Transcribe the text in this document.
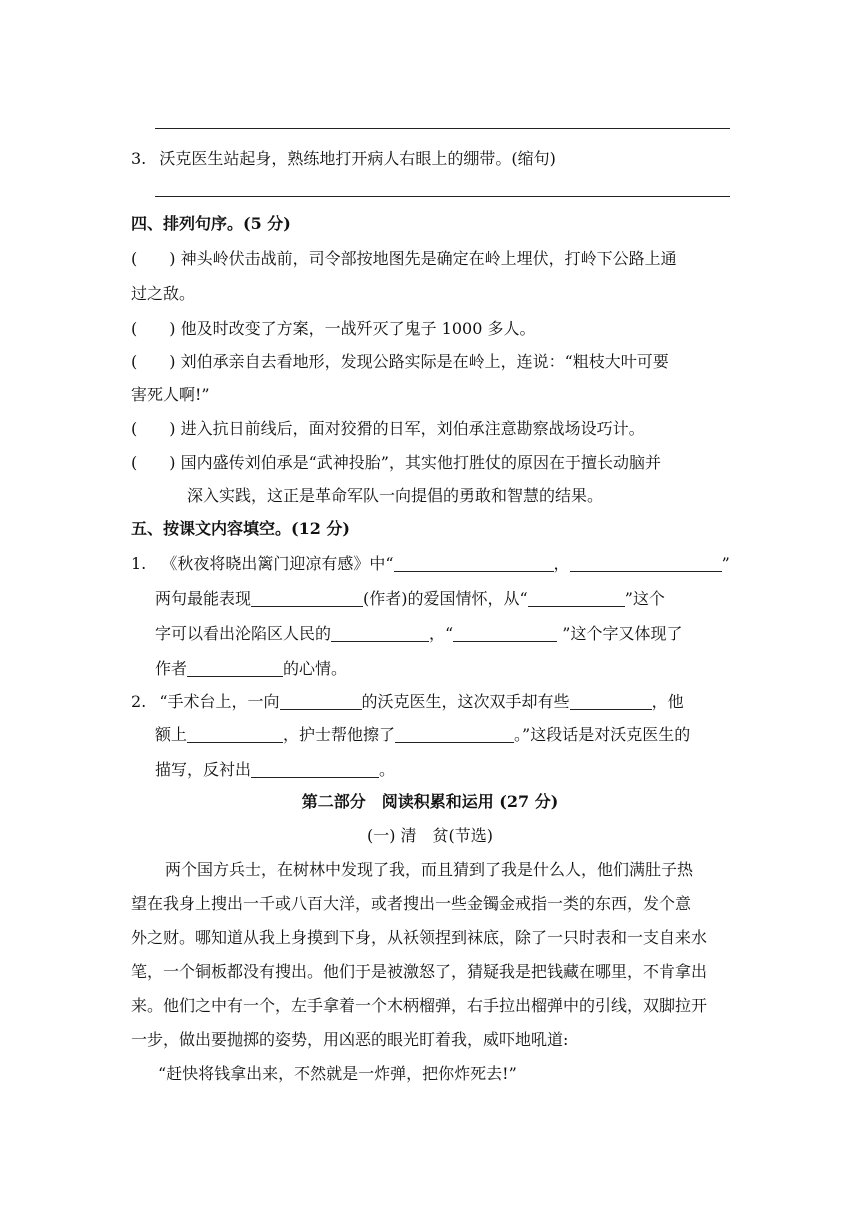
3. 沃克医生站起身，熟练地打开病人右眼上的绷带。(缩句)
四、排列句序。(5 分)
(　　) 神头岭伏击战前，司令部按地图先是确定在岭上埋伏，打岭下公路上通
过之敌。
(　　) 他及时改变了方案，一战歼灭了鬼子 1000 多人。
(　　) 刘伯承亲自去看地形，发现公路实际是在岭上，连说：“粗枝大叶可要
害死人啊!”
(　　) 进入抗日前线后，面对狡猾的日军，刘伯承注意勘察战场设巧计。
(　　) 国内盛传刘伯承是“武神投胎”，其实他打胜仗的原因在于擅长动脑并
深入实践，这正是革命军队一向提倡的勇敢和智慧的结果。
五、按课文内容填空。(12 分)
1. 《秋夜将晓出篱门迎凉有感》中“	，	”
两句最能表现	(作者)的爱国情怀，从“	”这个
字可以看出沦陷区人民的	，“	”这个字又体现了
作者	的心情。
2. “手术台上，一向	的沃克医生，这次双手却有些	，他
额上	，护士帮他擦了	。”这段话是对沃克医生的
描写，反衬出	。
第二部分　阅读积累和运用 (27 分)
(一) 清　贫(节选)
两个国方兵士，在树林中发现了我，而且猜到了我是什么人，他们满肚子热
望在我身上搜出一千或八百大洋，或者搜出一些金镯金戒指一类的东西，发个意
外之财。哪知道从我上身摸到下身，从袄领捏到袜底，除了一只时表和一支自来水
笔，一个铜板都没有搜出。他们于是被激怒了，猜疑我是把钱藏在哪里，不肯拿出
来。他们之中有一个，左手拿着一个木柄榴弹，右手拉出榴弹中的引线，双脚拉开
一步，做出要抛掷的姿势，用凶恶的眼光盯着我，威吓地吼道:
“赶快将钱拿出来，不然就是一炸弹，把你炸死去!”
